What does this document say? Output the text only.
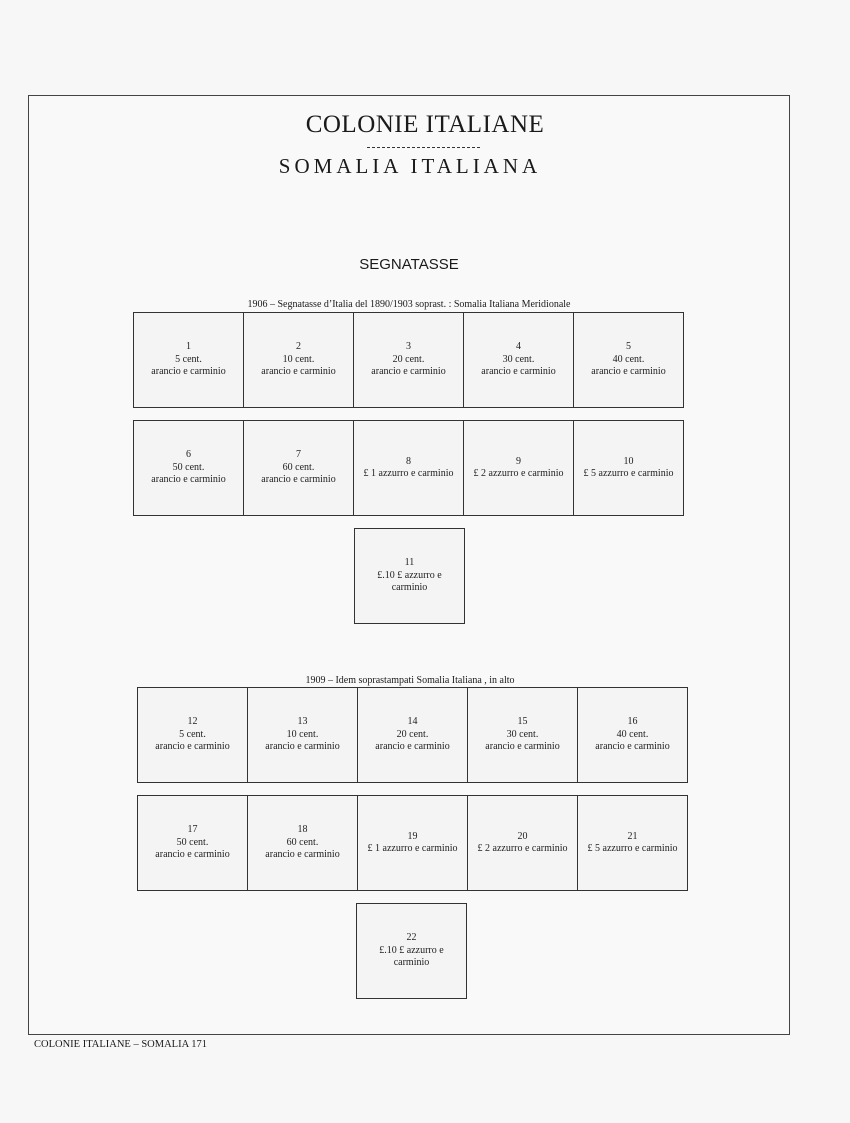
COLONIE ITALIANE
SOMALIA ITALIANA
SEGNATASSE
1906 – Segnatasse d’Italia del 1890/1903 soprast. : Somalia Italiana Meridionale
1
5 cent.
arancio e carminio
2
10 cent.
arancio e carminio
3
20 cent.
arancio e carminio
4
30 cent.
arancio e carminio
5
40 cent.
arancio e carminio
6
50 cent.
arancio e carminio
7
60 cent.
arancio e carminio
8
£ 1 azzurro e carminio
9
£ 2 azzurro e carminio
10
£ 5 azzurro e carminio
11
£.10 £ azzurro e
carminio
1909 – Idem soprastampati Somalia Italiana , in alto
12
5 cent.
arancio e carminio
13
10 cent.
arancio e carminio
14
20 cent.
arancio e carminio
15
30 cent.
arancio e carminio
16
40 cent.
arancio e carminio
17
50 cent.
arancio e carminio
18
60 cent.
arancio e carminio
19
£ 1 azzurro e carminio
20
£ 2 azzurro e carminio
21
£ 5 azzurro e carminio
22
£.10 £ azzurro e
carminio
COLONIE ITALIANE – SOMALIA 171
